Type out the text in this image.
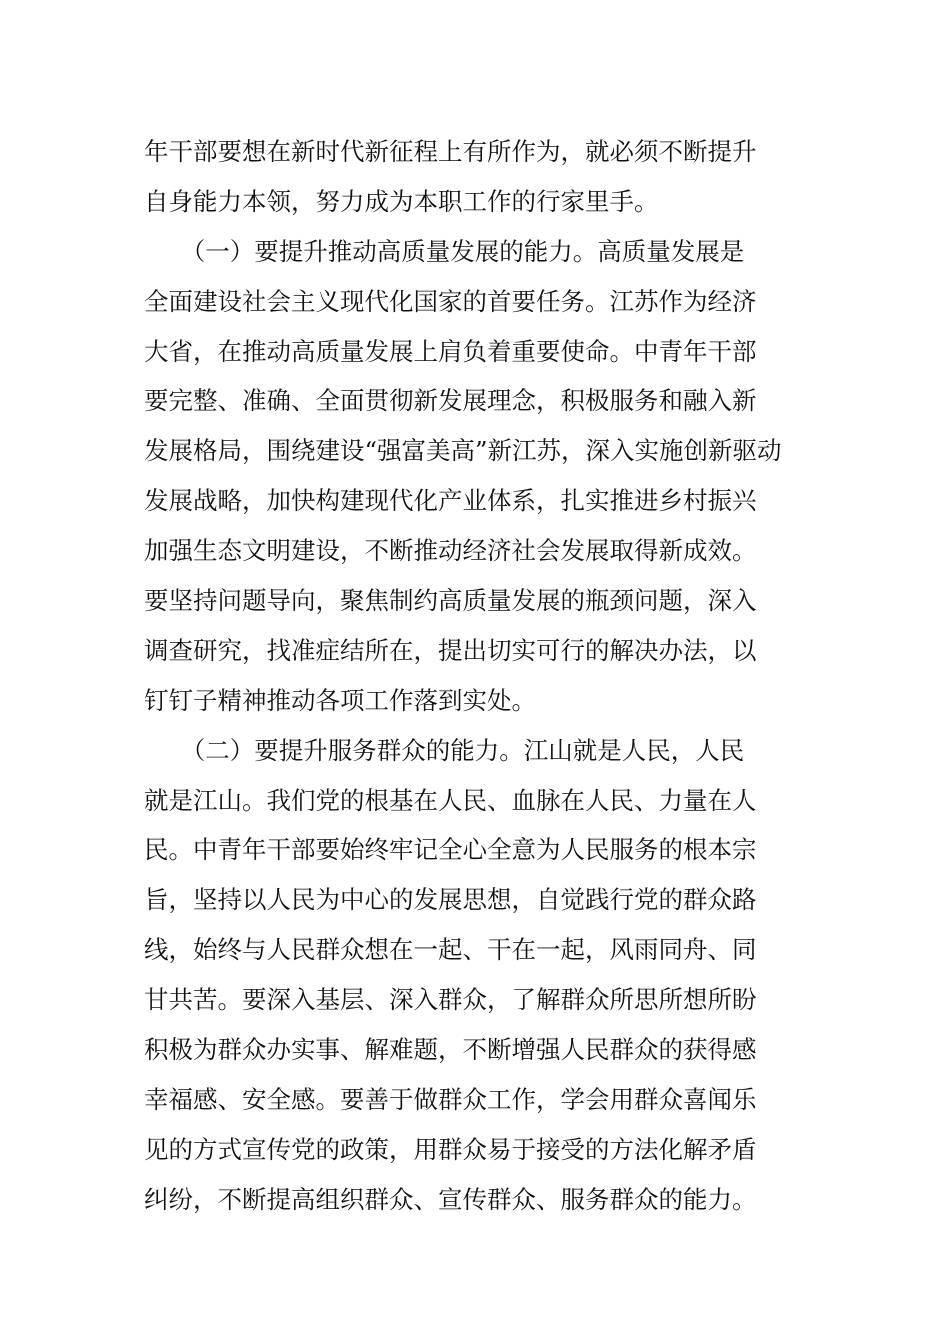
年干部要想在新时代新征程上有所作为，就必须不断提升
自身能力本领，努力成为本职工作的行家里手。
　　（一）要提升推动高质量发展的能力。高质量发展是
全面建设社会主义现代化国家的首要任务。江苏作为经济
大省，在推动高质量发展上肩负着重要使命。中青年干部
要完整、准确、全面贯彻新发展理念，积极服务和融入新
发展格局，围绕建设“强富美高”新江苏，深入实施创新驱动
发展战略，加快构建现代化产业体系，扎实推进乡村振兴
加强生态文明建设，不断推动经济社会发展取得新成效。
要坚持问题导向，聚焦制约高质量发展的瓶颈问题，深入
调查研究，找准症结所在，提出切实可行的解决办法，以
钉钉子精神推动各项工作落到实处。
　　（二）要提升服务群众的能力。江山就是人民，人民
就是江山。我们党的根基在人民、血脉在人民、力量在人
民。中青年干部要始终牢记全心全意为人民服务的根本宗
旨，坚持以人民为中心的发展思想，自觉践行党的群众路
线，始终与人民群众想在一起、干在一起，风雨同舟、同
甘共苦。要深入基层、深入群众，了解群众所思所想所盼
积极为群众办实事、解难题，不断增强人民群众的获得感
幸福感、安全感。要善于做群众工作，学会用群众喜闻乐
见的方式宣传党的政策，用群众易于接受的方法化解矛盾
纠纷，不断提高组织群众、宣传群众、服务群众的能力。
